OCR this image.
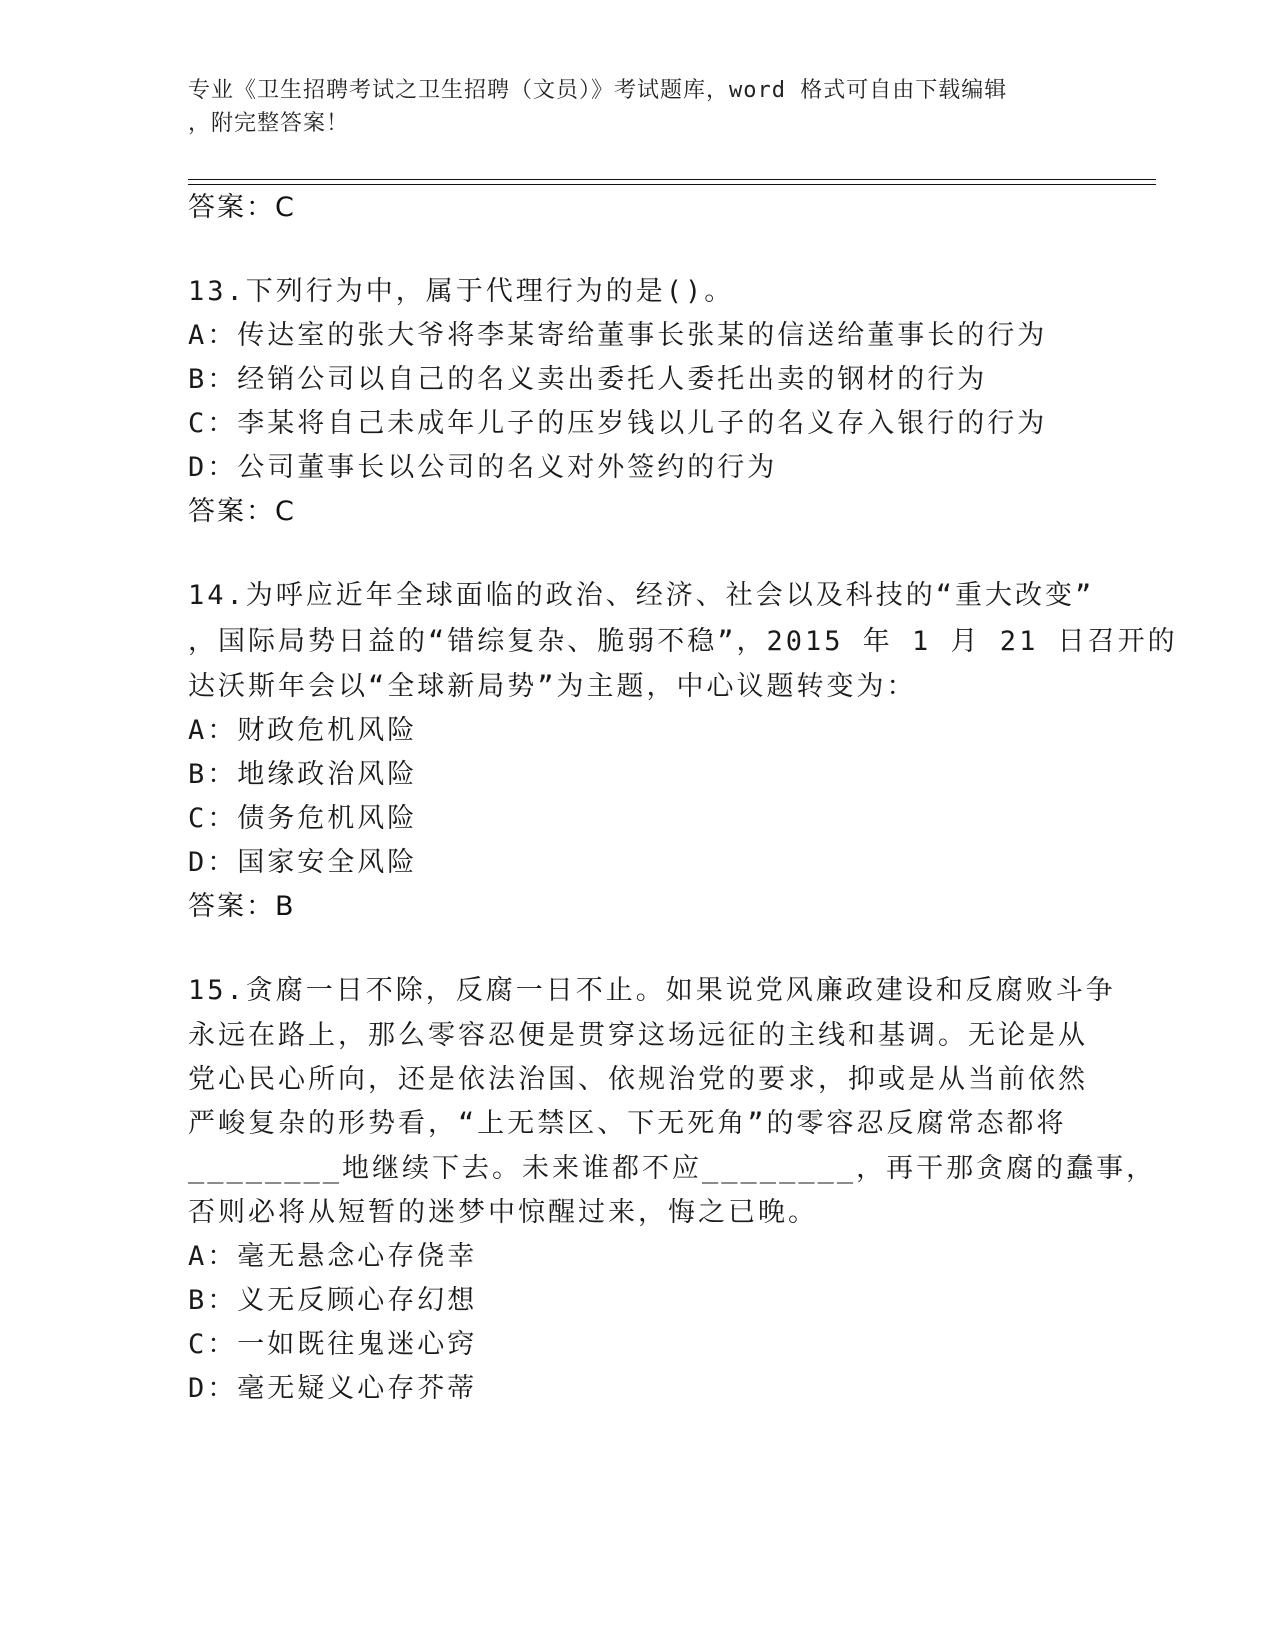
专业《卫生招聘考试之卫生招聘（文员）》考试题库，word 格式可自由下载编辑
，附完整答案！
答案：C
13.下列行为中，属于代理行为的是()。
A：传达室的张大爷将李某寄给董事长张某的信送给董事长的行为
B：经销公司以自己的名义卖出委托人委托出卖的钢材的行为
C：李某将自己未成年儿子的压岁钱以儿子的名义存入银行的行为
D：公司董事长以公司的名义对外签约的行为
答案：C
14.为呼应近年全球面临的政治、经济、社会以及科技的“重大改变”
，国际局势日益的“错综复杂、脆弱不稳”，2015 年 1 月 21 日召开的
达沃斯年会以“全球新局势”为主题，中心议题转变为：
A：财政危机风险
B：地缘政治风险
C：债务危机风险
D：国家安全风险
答案：B
15.贪腐一日不除，反腐一日不止。如果说党风廉政建设和反腐败斗争
永远在路上，那么零容忍便是贯穿这场远征的主线和基调。无论是从
党心民心所向，还是依法治国、依规治党的要求，抑或是从当前依然
严峻复杂的形势看，“上无禁区、下无死角”的零容忍反腐常态都将
________地继续下去。未来谁都不应________，再干那贪腐的蠢事，
否则必将从短暂的迷梦中惊醒过来，悔之已晚。
A：毫无悬念心存侥幸
B：义无反顾心存幻想
C：一如既往鬼迷心窍
D：毫无疑义心存芥蒂
